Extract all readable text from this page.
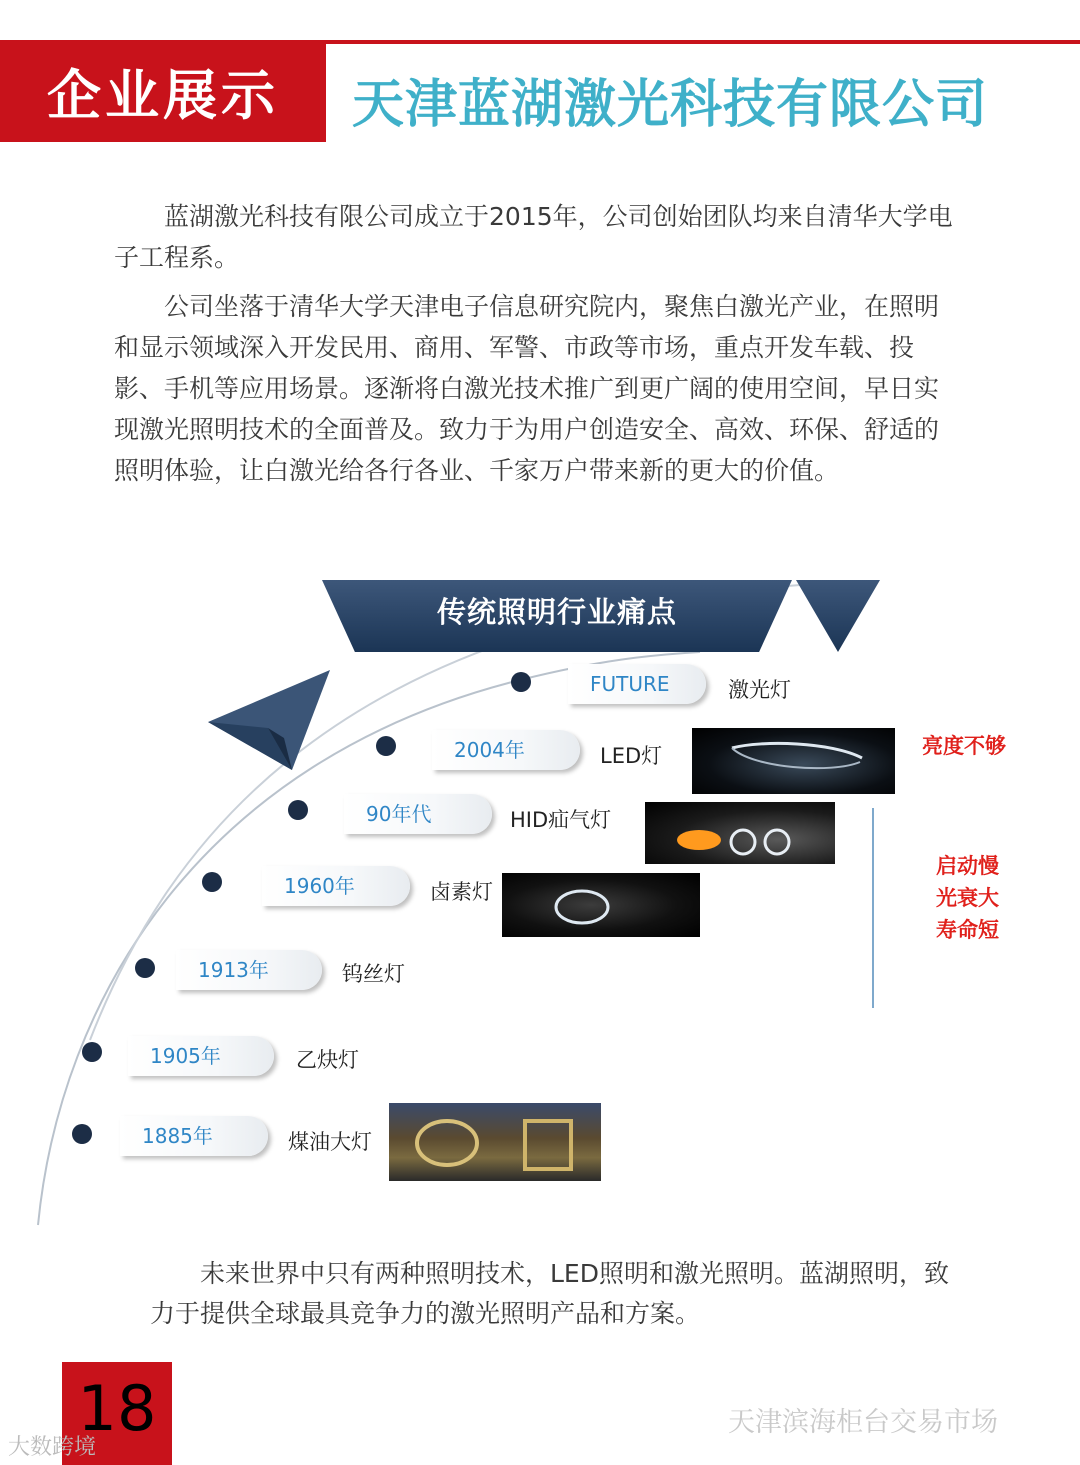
企业展示	天津蓝湖激光科技有限公司

蓝湖激光科技有限公司成立于2015年，公司创始团队均来自清华大学电子工程系。

公司坐落于清华大学天津电子信息研究院内，聚焦白激光产业，在照明和显示领域深入开发民用、商用、军警、市政等市场，重点开发车载、投影、手机等应用场景。逐渐将白激光技术推广到更广阔的使用空间，早日实现激光照明技术的全面普及。致力于为用户创造安全、高效、环保、舒适的照明体验，让白激光给各行各业、千家万户带来新的更大的价值。

传统照明行业痛点
FUTURE	激光灯
2004年	LED灯	亮度不够
90年代	HID疝气灯
1960年	卤素灯
1913年	钨丝灯
1905年	乙炔灯
1885年	煤油大灯
启动慢
光衰大
寿命短
未来世界中只有两种照明技术，LED照明和激光照明。蓝湖照明，致力于提供全球最具竞争力的激光照明产品和方案。
18
大数跨境
天津滨海柜台交易市场
